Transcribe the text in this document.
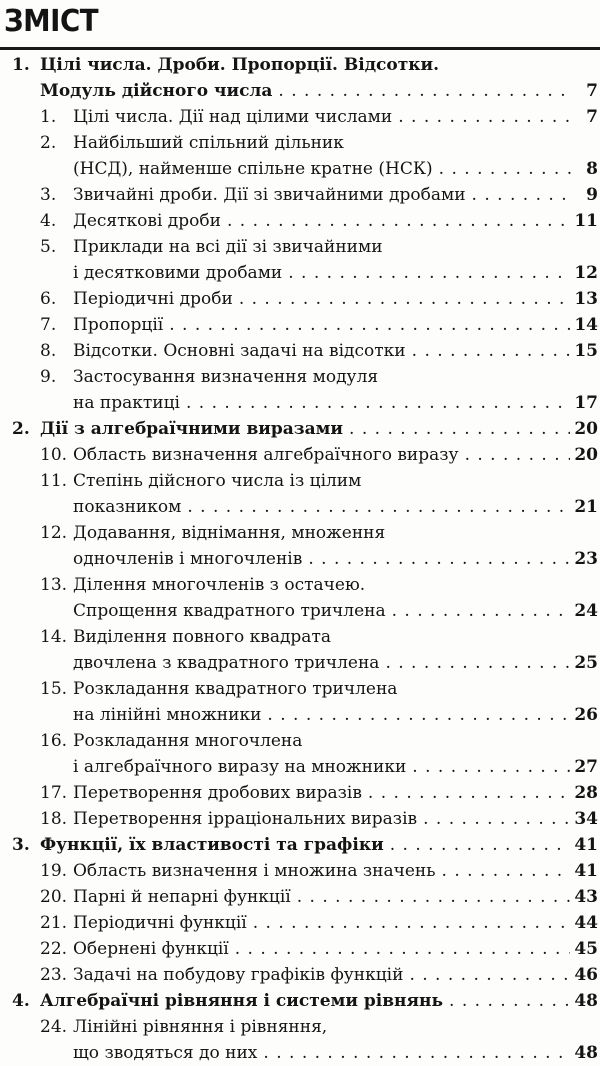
ЗМІСТ
1. Цілі числа. Дроби. Пропорції. Відсотки.
Модуль дійсного числа . . .	7
1. Цілі числа. Дії над цілими числами . . .	7
2. Найбільший спільний дільник
(НСД), найменше спільне кратне (НСК) . . .	8
3. Звичайні дроби. Дії зі звичайними дробами . . .	9
4. Десяткові дроби . . .	11
5. Приклади на всі дії зі звичайними
і десятковими дробами . . .	12
6. Періодичні дроби . . .	13
7. Пропорції . . .	14
8. Відсотки. Основні задачі на відсотки . . .	15
9. Застосування визначення модуля
на практиці . . .	17
2. Дії з алгебраїчними виразами . . .	20
10. Область визначення алгебраїчного виразу . . .	20
11. Степінь дійсного числа із цілим
показником . . .	21
12. Додавання, віднімання, множення
одночленів і многочленів . . .	23
13. Ділення многочленів з остачею.
Спрощення квадратного тричлена . . .	24
14. Виділення повного квадрата
двочлена з квадратного тричлена . . .	25
15. Розкладання квадратного тричлена
на лінійні множники . . .	26
16. Розкладання многочлена
і алгебраїчного виразу на множники . . .	27
17. Перетворення дробових виразів . . .	28
18. Перетворення ірраціональних виразів . . .	34
3. Функції, їх властивості та графіки . . .	41
19. Область визначення і множина значень . . .	41
20. Парні й непарні функції . . .	43
21. Періодичні функції . . .	44
22. Обернені функції . . .	45
23. Задачі на побудову графіків функцій . . .	46
4. Алгебраїчні рівняння і системи рівнянь . . .	48
24. Лінійні рівняння і рівняння,
що зводяться до них . . .	48
